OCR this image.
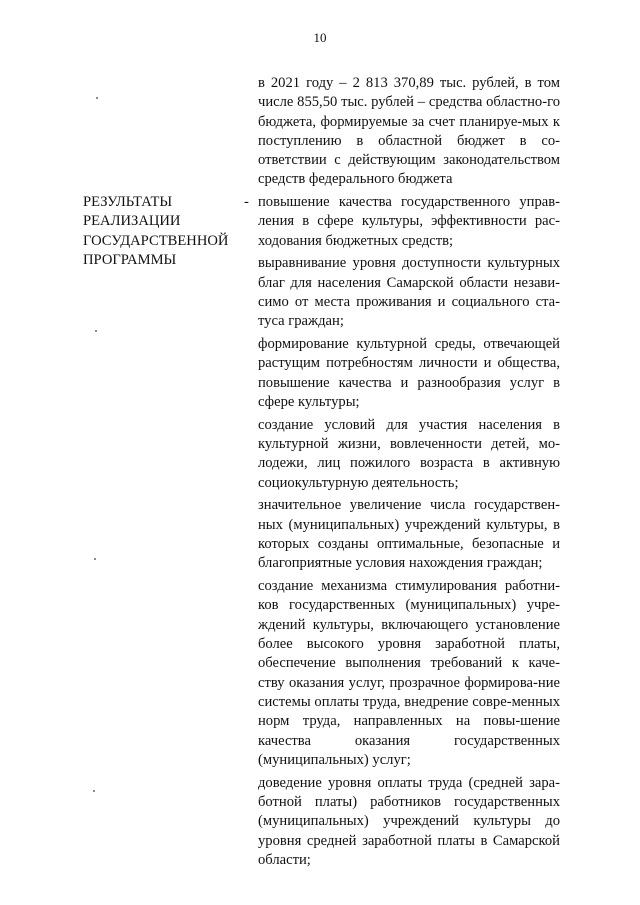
10

в 2021 году – 2 813 370,89 тыс. рублей, в том числе 855,50 тыс. рублей – средства областно-го бюджета, формируемые за счет планируе-мых к поступлению в областной бюджет в со-ответствии с действующим законодательством средств федерального бюджета

РЕЗУЛЬТАТЫ РЕАЛИЗАЦИИ ГОСУДАРСТВЕННОЙ ПРОГРАММЫ
- повышение качества государственного управ-ления в сфере культуры, эффективности рас-ходования бюджетных средств;

выравнивание уровня доступности культурных благ для населения Самарской области незави-симо от места проживания и социального ста-туса граждан;

формирование культурной среды, отвечающей растущим потребностям личности и общества, повышение качества и разнообразия услуг в сфере культуры;

создание условий для участия населения в культурной жизни, вовлеченности детей, мо-лодежи, лиц пожилого возраста в активную социокультурную деятельность;

значительное увеличение числа государствен-ных (муниципальных) учреждений культуры, в которых созданы оптимальные, безопасные и благоприятные условия нахождения граждан;

создание механизма стимулирования работни-ков государственных (муниципальных) учре-ждений культуры, включающего установление более высокого уровня заработной платы, обеспечение выполнения требований к каче-ству оказания услуг, прозрачное формирова-ние системы оплаты труда, внедрение совре-менных норм труда, направленных на повы-шение качества оказания государственных (муниципальных) услуг;

доведение уровня оплаты труда (средней зара-ботной платы) работников государственных (муниципальных) учреждений культуры до уровня средней заработной платы в Самарской области;
